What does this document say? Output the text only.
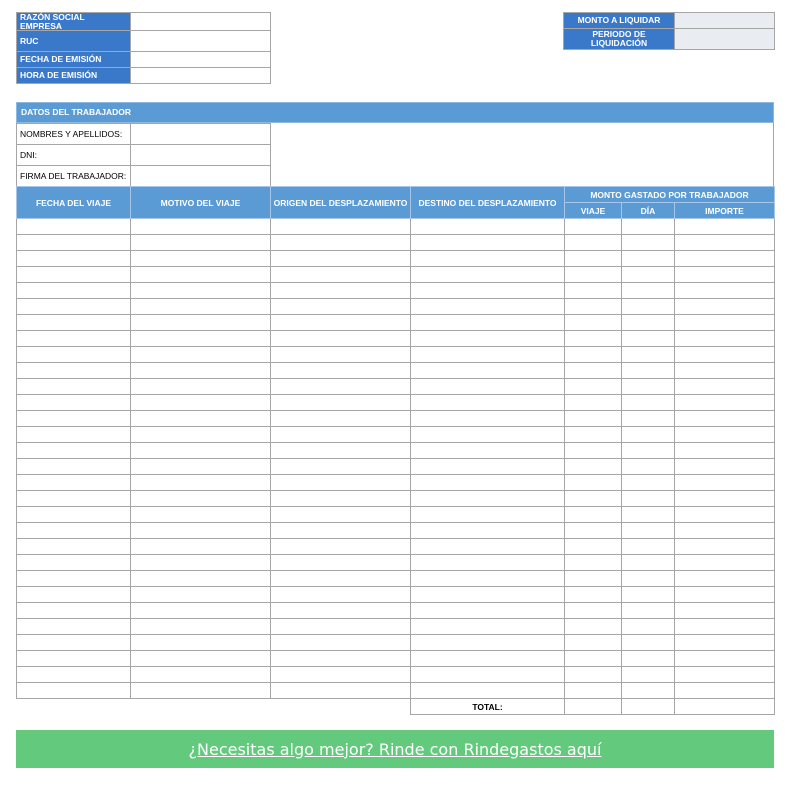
RAZÓN SOCIAL EMPRESA	
RUC	
FECHA DE EMISIÓN	
HORA DE EMISIÓN	
MONTO A LIQUIDAR	
PERIODO DE LIQUIDACIÓN	
DATOS DEL TRABAJADOR
NOMBRES Y APELLIDOS:	
DNI:	
FIRMA DEL TRABAJADOR:	
FECHA DEL VIAJE	MOTIVO DEL VIAJE	ORIGEN DEL DESPLAZAMIENTO	DESTINO DEL DESPLAZAMIENTO	MONTO GASTADO POR TRABAJADOR		
				VIAJE	DÍA	IMPORTE

			TOTAL:			
¿Necesitas algo mejor? Rinde con Rindegastos aquí
